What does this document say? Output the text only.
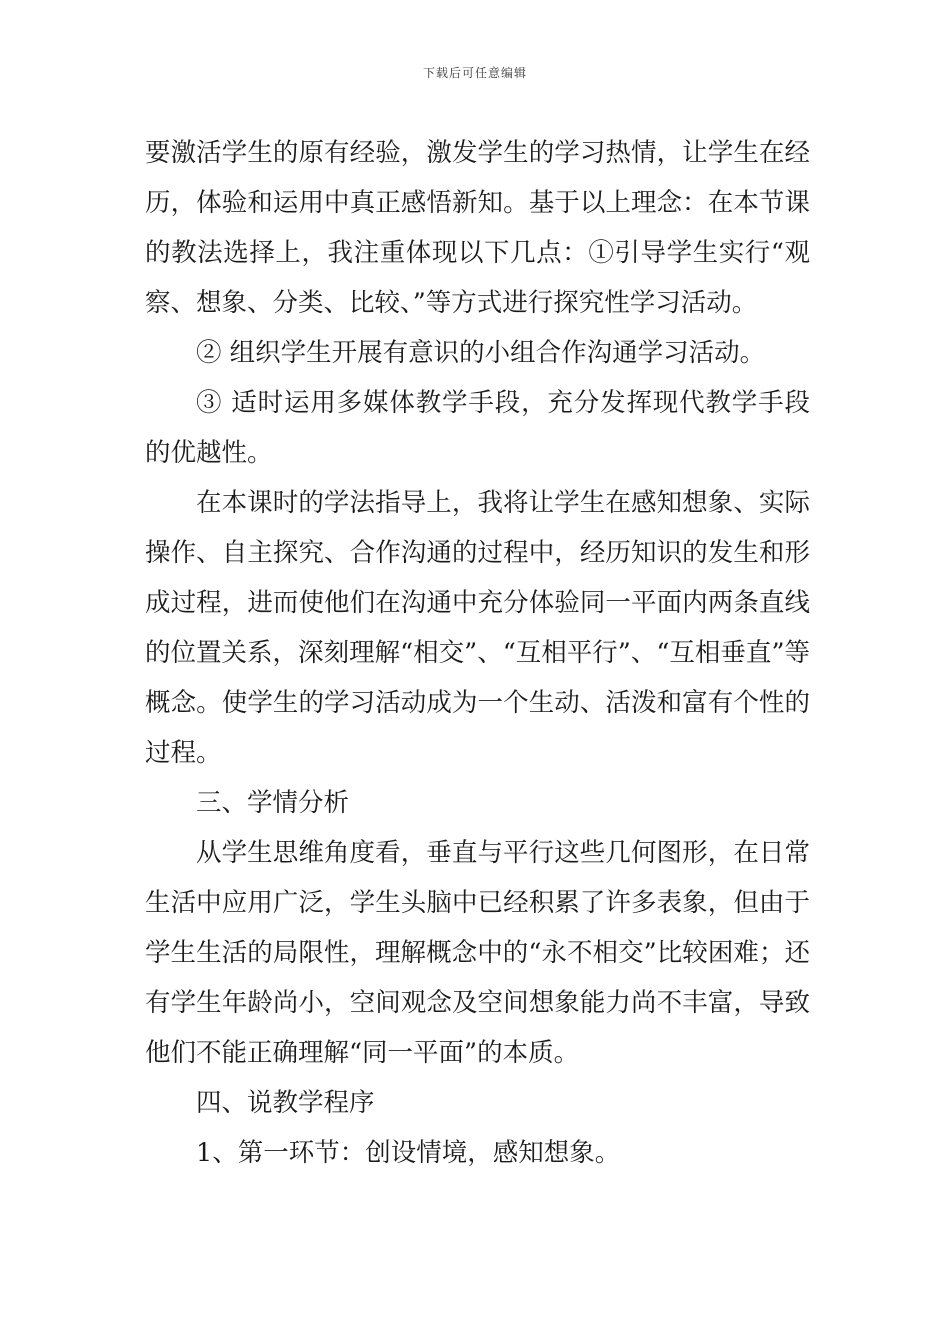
下载后可任意编辑

要激活学生的原有经验，激发学生的学习热情，让学生在经历，体验和运用中真正感悟新知。基于以上理念：在本节课的教法选择上，我注重体现以下几点：①引导学生实行“观察、想象、分类、比较、”等方式进行探究性学习活动。

② 组织学生开展有意识的小组合作沟通学习活动。

③ 适时运用多媒体教学手段，充分发挥现代教学手段的优越性。

在本课时的学法指导上，我将让学生在感知想象、实际操作、自主探究、合作沟通的过程中，经历知识的发生和形成过程，进而使他们在沟通中充分体验同一平面内两条直线的位置关系，深刻理解“相交”、“互相平行”、“互相垂直”等概念。使学生的学习活动成为一个生动、活泼和富有个性的过程。

三、学情分析

从学生思维角度看，垂直与平行这些几何图形，在日常生活中应用广泛，学生头脑中已经积累了许多表象，但由于学生生活的局限性，理解概念中的“永不相交”比较困难；还有学生年龄尚小，空间观念及空间想象能力尚不丰富，导致他们不能正确理解“同一平面”的本质。

四、说教学程序

1、第一环节：创设情境，感知想象。
